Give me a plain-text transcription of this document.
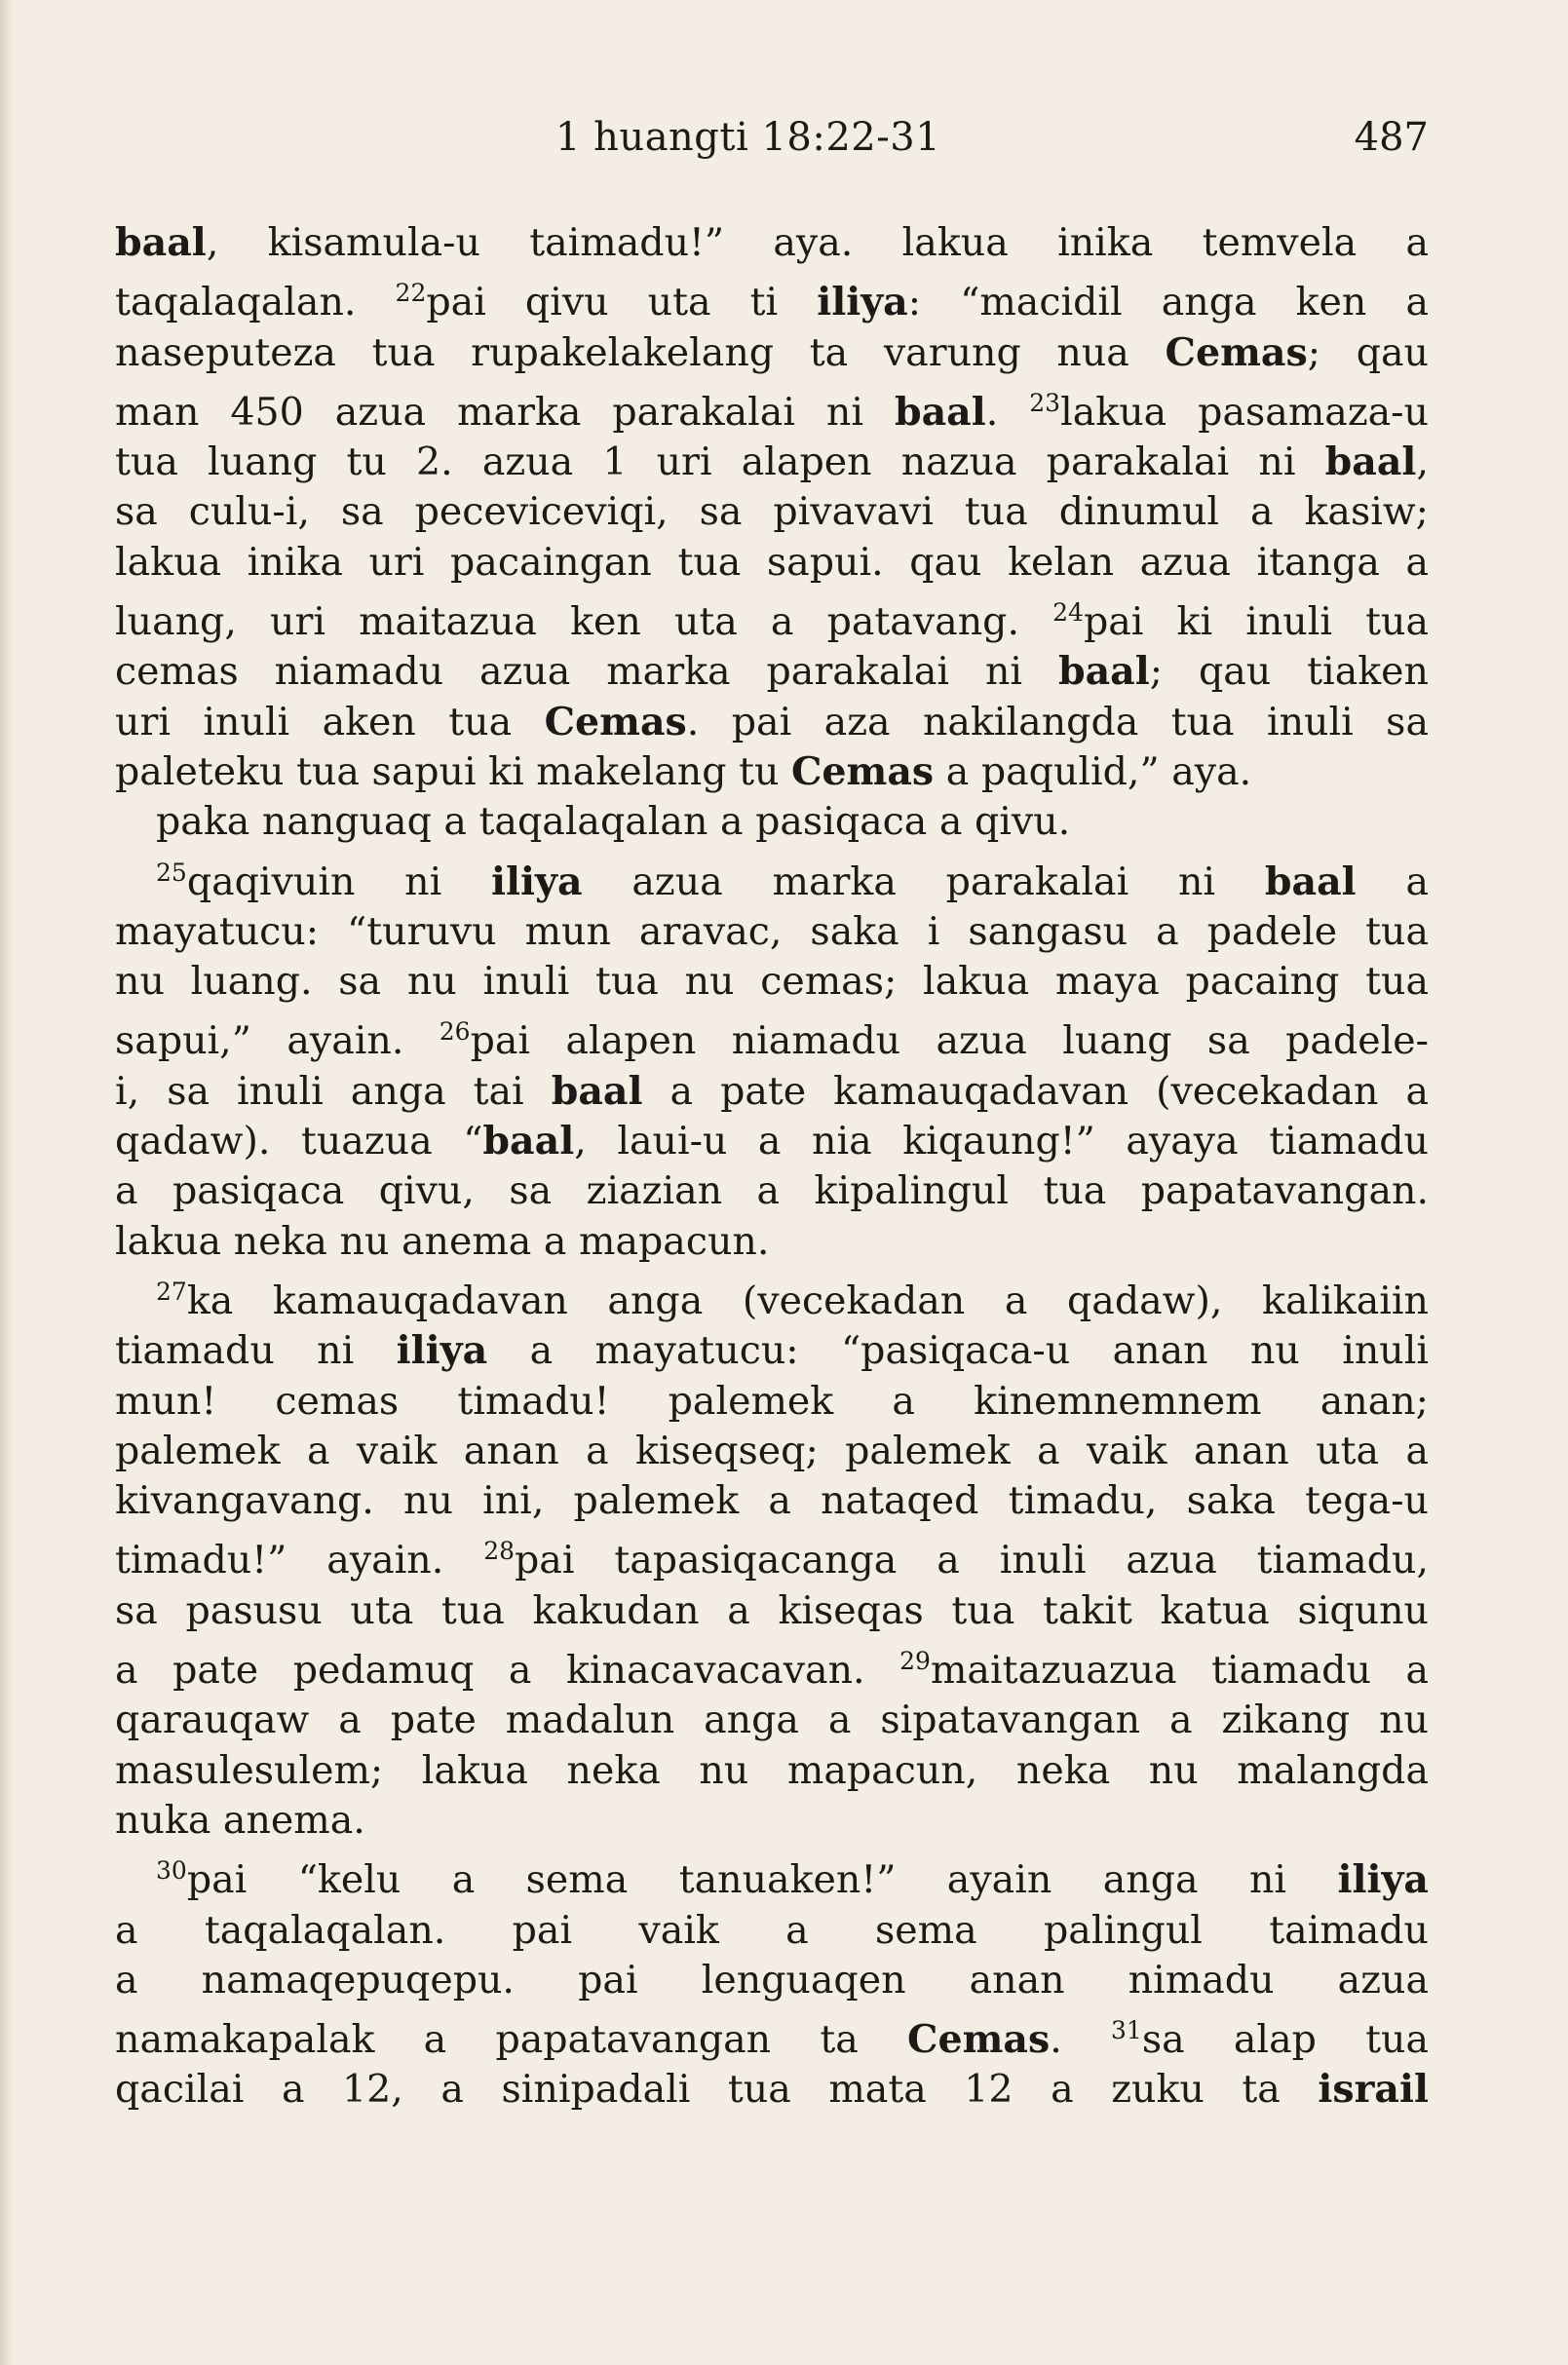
1 huangti 18:22-31	487
baal, kisamula-u taimadu!” aya. lakua inika temvela a
taqalaqalan. $^{22}$pai qivu uta ti iliya: “macidil anga ken a
naseputeza tua rupakelakelang ta varung nua Cemas; qau
man 450 azua marka parakalai ni baal. $^{23}$lakua pasamaza-u
tua luang tu 2. azua 1 uri alapen nazua parakalai ni baal,
sa culu-i, sa peceviceviqi, sa pivavavi tua dinumul a kasiw;
lakua inika uri pacaingan tua sapui. qau kelan azua itanga a
luang, uri maitazua ken uta a patavang. $^{24}$pai ki inuli tua
cemas niamadu azua marka parakalai ni baal; qau tiaken
uri inuli aken tua Cemas. pai aza nakilangda tua inuli sa
paleteku tua sapui ki makelang tu Cemas a paqulid,” aya.
paka nanguaq a taqalaqalan a pasiqaca a qivu.
$^{25}$qaqivuin ni iliya azua marka parakalai ni baal a
mayatucu: “turuvu mun aravac, saka i sangasu a padele tua
nu luang. sa nu inuli tua nu cemas; lakua maya pacaing tua
sapui,” ayain. $^{26}$pai alapen niamadu azua luang sa padele-
i, sa inuli anga tai baal a pate kamauqadavan (vecekadan a
qadaw). tuazua “baal, laui-u a nia kiqaung!” ayaya tiamadu
a pasiqaca qivu, sa ziazian a kipalingul tua papatavangan.
lakua neka nu anema a mapacun.
$^{27}$ka kamauqadavan anga (vecekadan a qadaw), kalikaiin
tiamadu ni iliya a mayatucu: “pasiqaca-u anan nu inuli
mun! cemas timadu! palemek a kinemnemnem anan;
palemek a vaik anan a kiseqseq; palemek a vaik anan uta a
kivangavang. nu ini, palemek a nataqed timadu, saka tega-u
timadu!” ayain. $^{28}$pai tapasiqacanga a inuli azua tiamadu,
sa pasusu uta tua kakudan a kiseqas tua takit katua siqunu
a pate pedamuq a kinacavacavan. $^{29}$maitazuazua tiamadu a
qarauqaw a pate madalun anga a sipatavangan a zikang nu
masulesulem; lakua neka nu mapacun, neka nu malangda
nuka anema.
$^{30}$pai “kelu a sema tanuaken!” ayain anga ni iliya
a taqalaqalan. pai vaik a sema palingul taimadu
a namaqepuqepu. pai lenguaqen anan nimadu azua
namakapalak a papatavangan ta Cemas. $^{31}$sa alap tua
qacilai a 12, a sinipadali tua mata 12 a zuku ta israil
